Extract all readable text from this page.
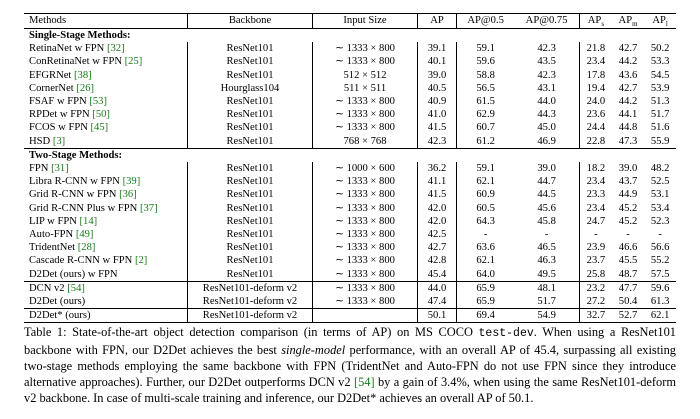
Methods	Backbone	Input Size	AP	AP@0.5	AP@0.75	$AP_s$	$AP_m$	$AP_l$
Single-Stage Methods:								
RetinaNet w FPN [32]	ResNet101	∼ 1333 × 800	39.1	59.1	42.3	21.8	42.7	50.2
ConRetinaNet w FPN [25]	ResNet101	∼ 1333 × 800	40.1	59.6	43.5	23.4	44.2	53.3
EFGRNet [38]	ResNet101	512 × 512	39.0	58.8	42.3	17.8	43.6	54.5
CornerNet [26]	Hourglass104	511 × 511	40.5	56.5	43.1	19.4	42.7	53.9
FSAF w FPN [53]	ResNet101	∼ 1333 × 800	40.9	61.5	44.0	24.0	44.2	51.3
RPDet w FPN [50]	ResNet101	∼ 1333 × 800	41.0	62.9	44.3	23.6	44.1	51.7
FCOS w FPN [45]	ResNet101	∼ 1333 × 800	41.5	60.7	45.0	24.4	44.8	51.6
HSD [3]	ResNet101	768 × 768	42.3	61.2	46.9	22.8	47.3	55.9
Two-Stage Methods:								
FPN [31]	ResNet101	∼ 1000 × 600	36.2	59.1	39.0	18.2	39.0	48.2
Libra R-CNN w FPN [39]	ResNet101	∼ 1333 × 800	41.1	62.1	44.7	23.4	43.7	52.5
Grid R-CNN w FPN [36]	ResNet101	∼ 1333 × 800	41.5	60.9	44.5	23.3	44.9	53.1
Grid R-CNN Plus w FPN [37]	ResNet101	∼ 1333 × 800	42.0	60.5	45.6	23.4	45.2	53.4
LIP w FPN [14]	ResNet101	∼ 1333 × 800	42.0	64.3	45.8	24.7	45.2	52.3
Auto-FPN [49]	ResNet101	∼ 1333 × 800	42.5	-	-	-	-	-
TridentNet [28]	ResNet101	∼ 1333 × 800	42.7	63.6	46.5	23.9	46.6	56.6
Cascade R-CNN w FPN [2]	ResNet101	∼ 1333 × 800	42.8	62.1	46.3	23.7	45.5	55.2
D2Det (ours) w FPN	ResNet101	∼ 1333 × 800	45.4	64.0	49.5	25.8	48.7	57.5
DCN v2 [54]	ResNet101-deform v2	∼ 1333 × 800	44.0	65.9	48.1	23.2	47.7	59.6
D2Det (ours)	ResNet101-deform v2	∼ 1333 × 800	47.4	65.9	51.7	27.2	50.4	61.3
D2Det* (ours)	ResNet101-deform v2		50.1	69.4	54.9	32.7	52.7	62.1
Table 1: State-of-the-art object detection comparison (in terms of AP) on MS COCO test-dev. When using a ResNet101 backbone with FPN, our D2Det achieves the best single-model performance, with an overall AP of 45.4, surpassing all existing two-stage methods employing the same backbone with FPN (TridentNet and Auto-FPN do not use FPN since they introduce alternative approaches). Further, our D2Det outperforms DCN v2 [54] by a gain of 3.4%, when using the same ResNet101-deform v2 backbone. In case of multi-scale training and inference, our D2Det* achieves an overall AP of 50.1.
